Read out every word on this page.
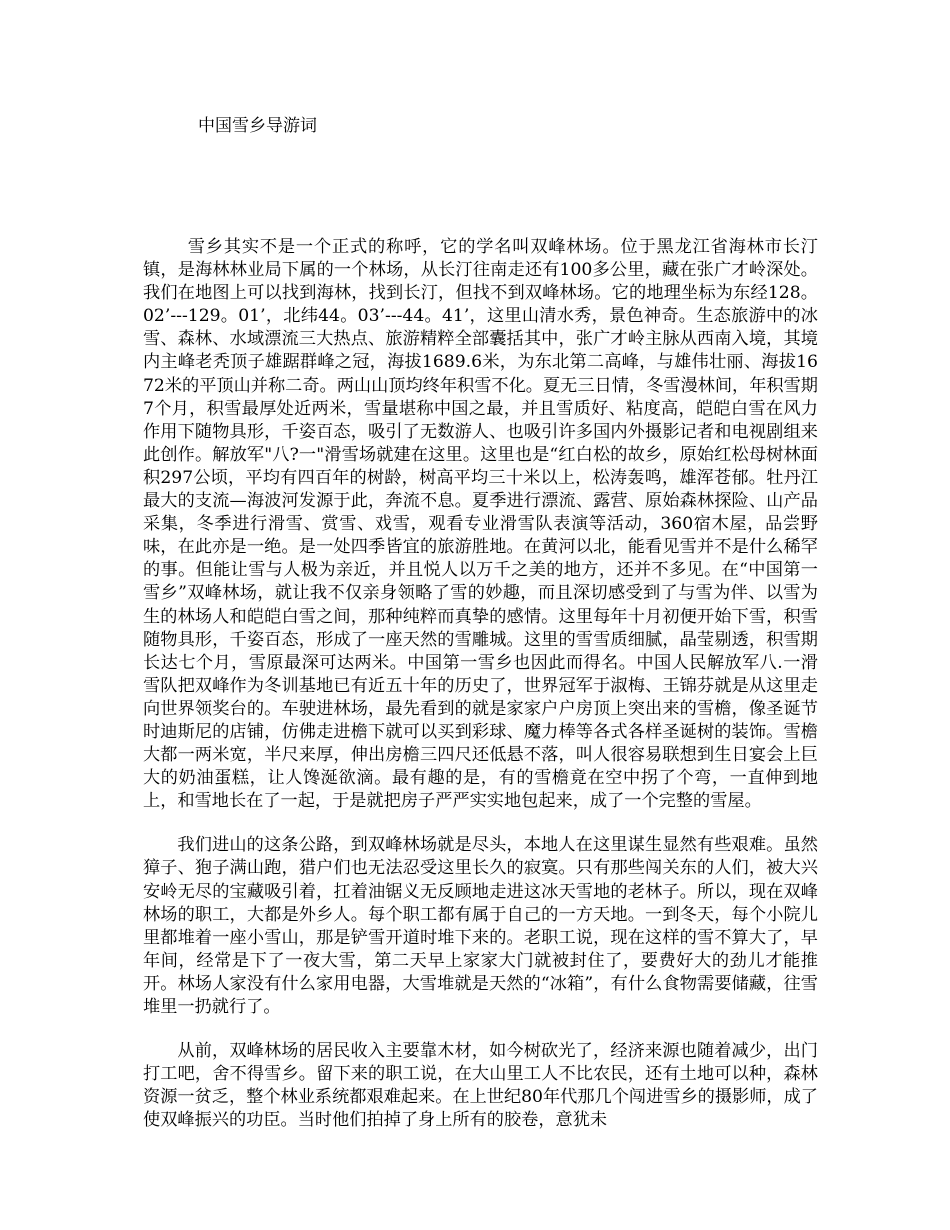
中国雪乡导游词

雪乡其实不是一个正式的称呼，它的学名叫双峰林场。位于黑龙江省海林市长汀镇，是海林林业局下属的一个林场，从长汀往南走还有100多公里，藏在张广才岭深处。我们在地图上可以找到海林，找到长汀，但找不到双峰林场。它的地理坐标为东经128。02’---129。01’，北纬44。03’---44。41’，这里山清水秀，景色神奇。生态旅游中的冰雪、森林、水域漂流三大热点、旅游精粹全部囊括其中，张广才岭主脉从西南入境，其境内主峰老秃顶子雄踞群峰之冠，海拔1689.6米，为东北第二高峰，与雄伟壮丽、海拔1672米的平顶山并称二奇。两山山顶均终年积雪不化。夏无三日情，冬雪漫林间，年积雪期7个月，积雪最厚处近两米，雪量堪称中国之最，并且雪质好、粘度高，皑皑白雪在风力作用下随物具形，千姿百态，吸引了无数游人、也吸引许多国内外摄影记者和电视剧组来此创作。解放军"八?一"滑雪场就建在这里。这里也是“红白松的故乡，原始红松母树林面积297公顷，平均有四百年的树龄，树高平均三十米以上，松涛轰鸣，雄浑苍郁。牡丹江最大的支流—海波河发源于此，奔流不息。夏季进行漂流、露营、原始森林探险、山产品采集，冬季进行滑雪、赏雪、戏雪，观看专业滑雪队表演等活动，360宿木屋，品尝野味，在此亦是一绝。是一处四季皆宜的旅游胜地。在黄河以北，能看见雪并不是什么稀罕的事。但能让雪与人极为亲近，并且悦人以万千之美的地方，还并不多见。在“中国第一雪乡”双峰林场，就让我不仅亲身领略了雪的妙趣，而且深切感受到了与雪为伴、以雪为生的林场人和皑皑白雪之间，那种纯粹而真挚的感情。这里每年十月初便开始下雪，积雪随物具形，千姿百态，形成了一座天然的雪雕城。这里的雪雪质细腻，晶莹剔透，积雪期长达七个月，雪原最深可达两米。中国第一雪乡也因此而得名。中国人民解放军八.一滑雪队把双峰作为冬训基地已有近五十年的历史了，世界冠军于淑梅、王锦芬就是从这里走向世界领奖台的。车驶进林场，最先看到的就是家家户户房顶上突出来的雪檐，像圣诞节时迪斯尼的店铺，仿佛走进檐下就可以买到彩球、魔力棒等各式各样圣诞树的装饰。雪檐大都一两米宽，半尺来厚，伸出房檐三四尺还低悬不落，叫人很容易联想到生日宴会上巨大的奶油蛋糕，让人馋涎欲滴。最有趣的是，有的雪檐竟在空中拐了个弯，一直伸到地上，和雪地长在了一起，于是就把房子严严实实地包起来，成了一个完整的雪屋。

我们进山的这条公路，到双峰林场就是尽头，本地人在这里谋生显然有些艰难。虽然獐子、狍子满山跑，猎户们也无法忍受这里长久的寂寞。只有那些闯关东的人们，被大兴安岭无尽的宝藏吸引着，扛着油锯义无反顾地走进这冰天雪地的老林子。所以，现在双峰林场的职工，大都是外乡人。每个职工都有属于自己的一方天地。一到冬天，每个小院儿里都堆着一座小雪山，那是铲雪开道时堆下来的。老职工说，现在这样的雪不算大了，早年间，经常是下了一夜大雪，第二天早上家家大门就被封住了，要费好大的劲儿才能推开。林场人家没有什么家用电器，大雪堆就是天然的“冰箱”，有什么食物需要储藏，往雪堆里一扔就行了。

从前，双峰林场的居民收入主要靠木材，如今树砍光了，经济来源也随着减少，出门打工吧，舍不得雪乡。留下来的职工说，在大山里工人不比农民，还有土地可以种，森林资源一贫乏，整个林业系统都艰难起来。在上世纪80年代那几个闯进雪乡的摄影师，成了使双峰振兴的功臣。当时他们拍掉了身上所有的胶卷，意犹未
